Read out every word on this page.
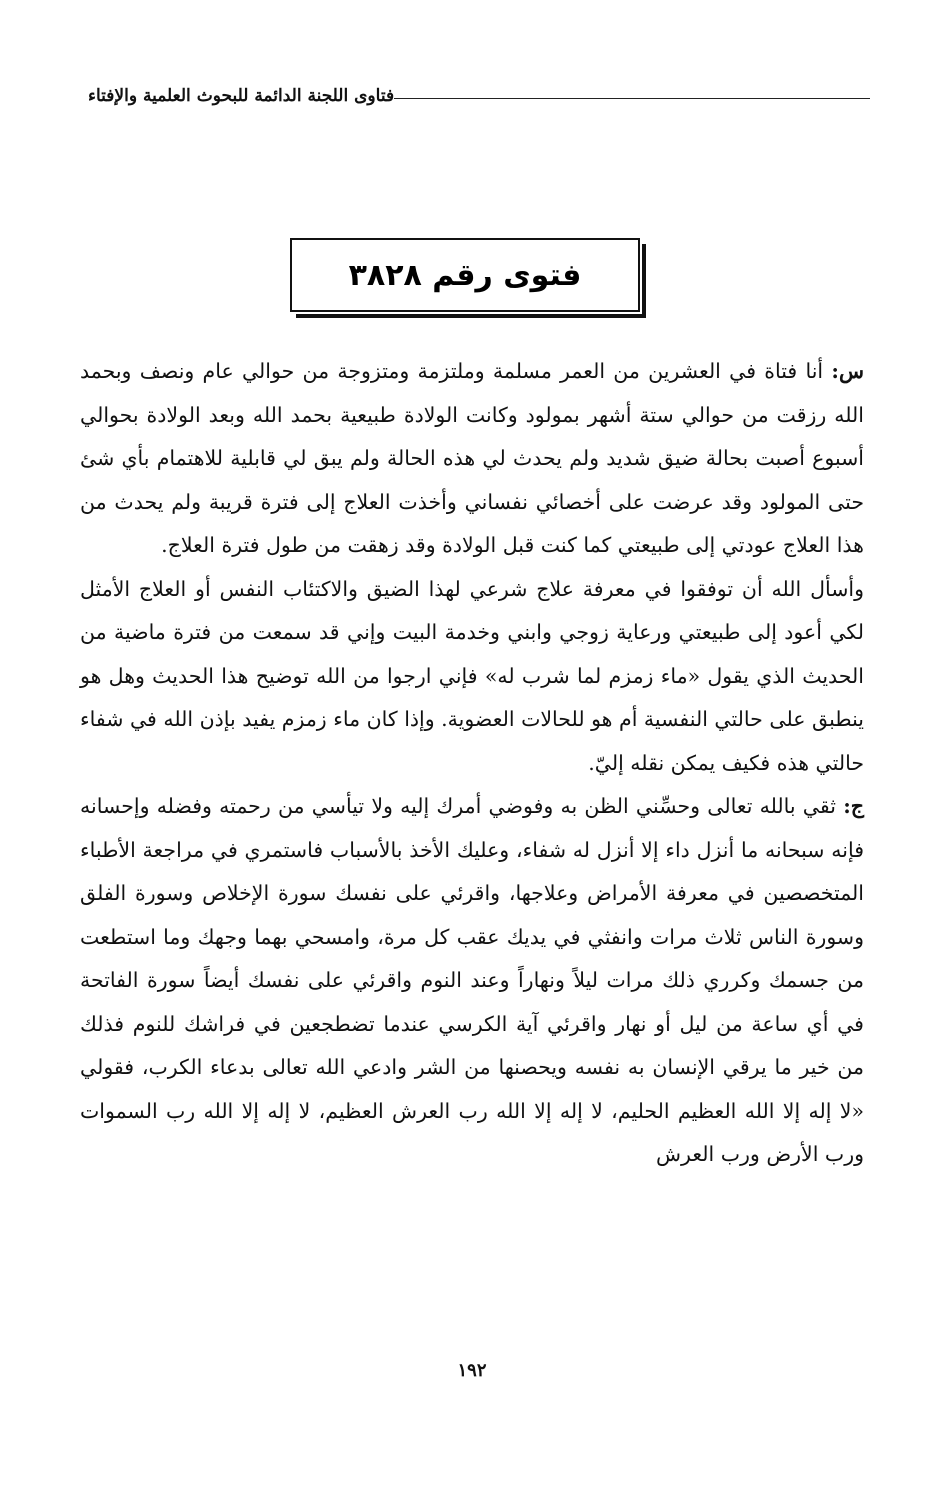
فتاوى اللجنة الدائمة للبحوث العلمية والإفتاء
فتوى رقم ٣٨٢٨

س: أنا فتاة في العشرين من العمر مسلمة وملتزمة ومتزوجة من حوالي عام ونصف وبحمد الله رزقت من حوالي ستة أشهر بمولود وكانت الولادة طبيعية بحمد الله وبعد الولادة بحوالي أسبوع أصبت بحالة ضيق شديد ولم يحدث لي هذه الحالة ولم يبق لي قابلية للاهتمام بأي شئ حتى المولود وقد عرضت على أخصائي نفساني وأخذت العلاج إلى فترة قريبة ولم يحدث من هذا العلاج عودتي إلى طبيعتي كما كنت قبل الولادة وقد زهقت من طول فترة العلاج.

وأسأل الله أن توفقوا في معرفة علاج شرعي لهذا الضيق والاكتئاب النفس أو العلاج الأمثل لكي أعود إلى طبيعتي ورعاية زوجي وابني وخدمة البيت وإني قد سمعت من فترة ماضية من الحديث الذي يقول «ماء زمزم لما شرب له» فإني ارجوا من الله توضيح هذا الحديث وهل هو ينطبق على حالتي النفسية أم هو للحالات العضوية. وإذا كان ماء زمزم يفيد بإذن الله في شفاء حالتي هذه فكيف يمكن نقله إليّ.

ج: ثقي بالله تعالى وحسِّني الظن به وفوضي أمرك إليه ولا تيأسي من رحمته وفضله وإحسانه فإنه سبحانه ما أنزل داء إلا أنزل له شفاء، وعليك الأخذ بالأسباب فاستمري في مراجعة الأطباء المتخصصين في معرفة الأمراض وعلاجها، واقرئي على نفسك سورة الإخلاص وسورة الفلق وسورة الناس ثلاث مرات وانفثي في يديك عقب كل مرة، وامسحي بهما وجهك وما استطعت من جسمك وكرري ذلك مرات ليلاً ونهاراً وعند النوم واقرئي على نفسك أيضاً سورة الفاتحة في أي ساعة من ليل أو نهار واقرئي آية الكرسي عندما تضطجعين في فراشك للنوم فذلك من خير ما يرقي الإنسان به نفسه ويحصنها من الشر وادعي الله تعالى بدعاء الكرب، فقولي «لا إله إلا الله العظيم الحليم، لا إله إلا الله رب العرش العظيم، لا إله إلا الله رب السموات ورب الأرض ورب العرش

١٩٢
